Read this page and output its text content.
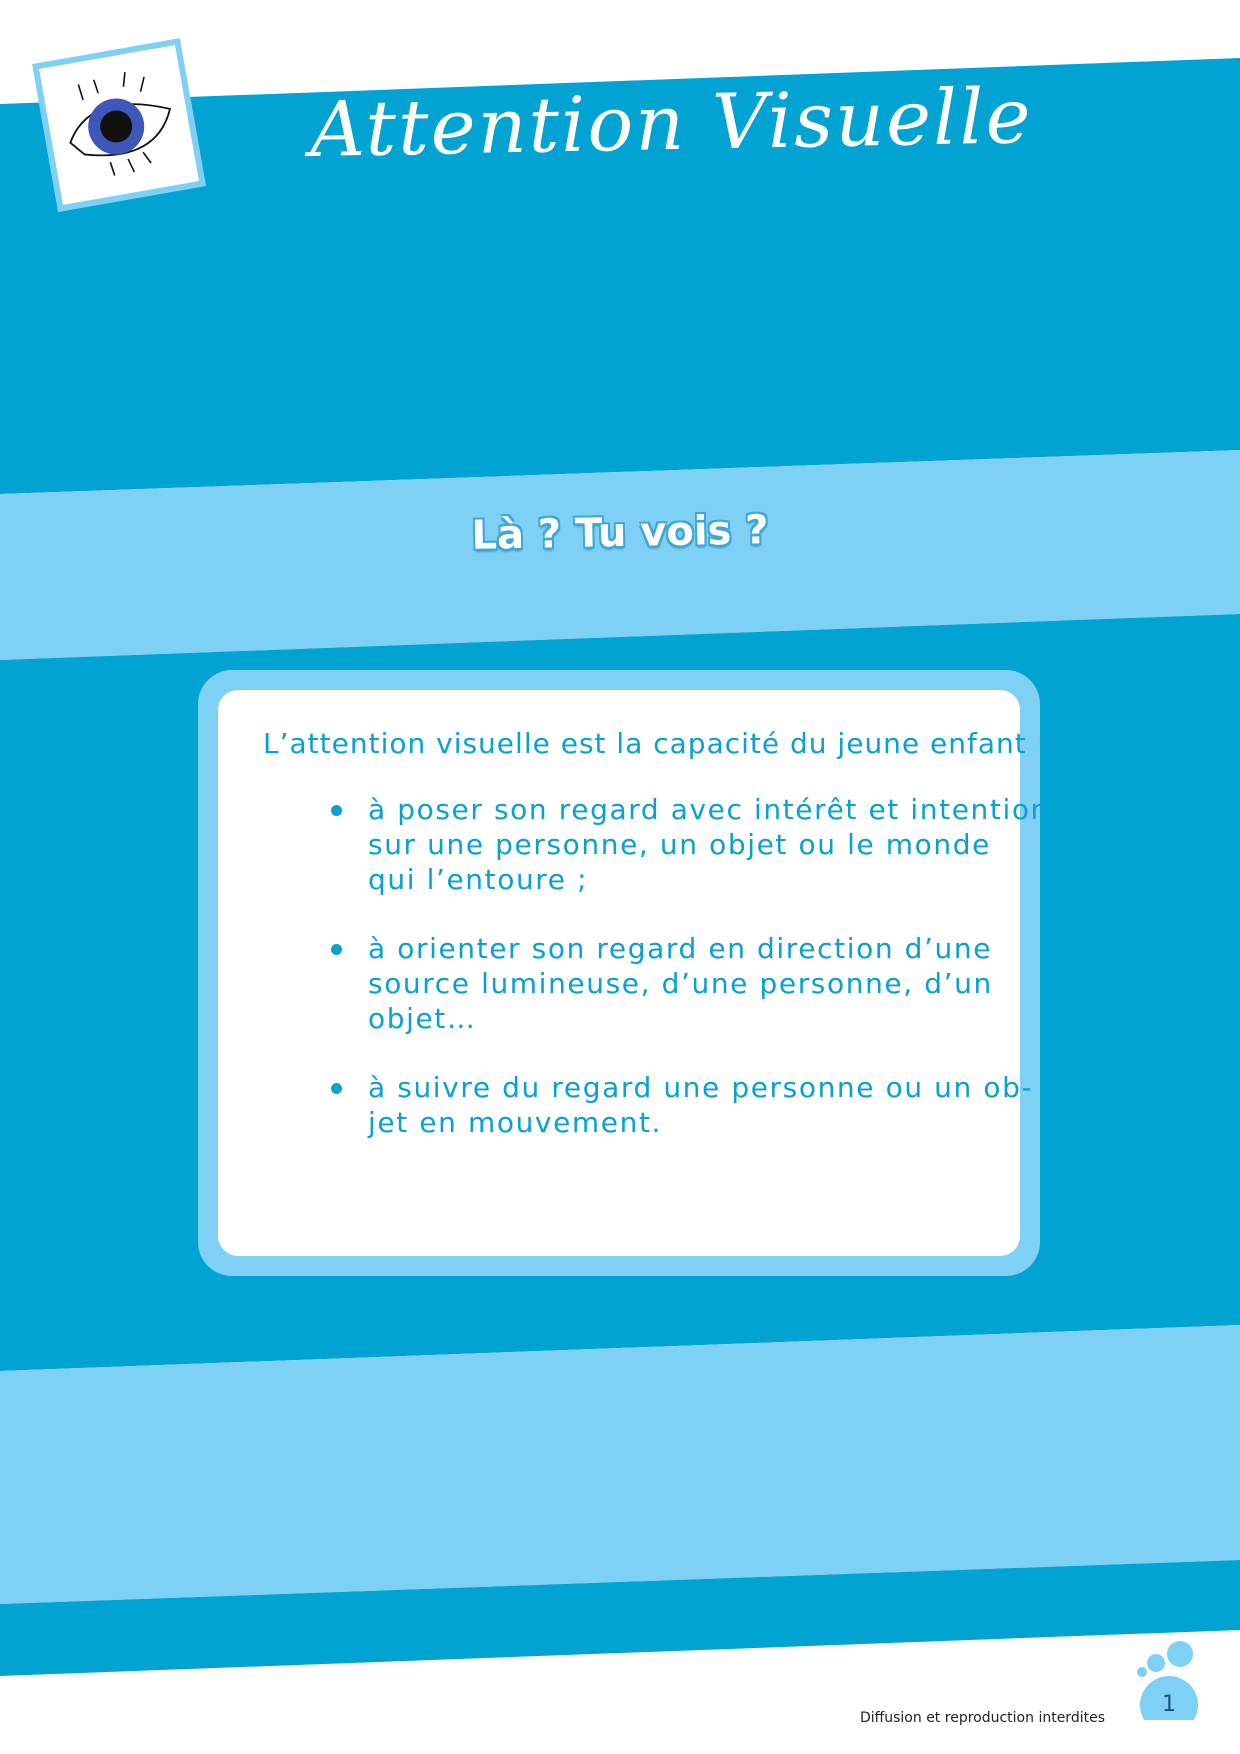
Attention Visuelle
Là ? Tu vois ?

L’attention visuelle est la capacité du jeune enfant :

à poser son regard avec intérêt et intention
sur une personne, un objet ou le monde
qui l’entoure ;
à orienter son regard en direction d’une
source lumineuse, d’une personne, d’un
objet…
à suivre du regard une personne ou un ob-
jet en mouvement.
1
Diffusion et reproduction interdites
